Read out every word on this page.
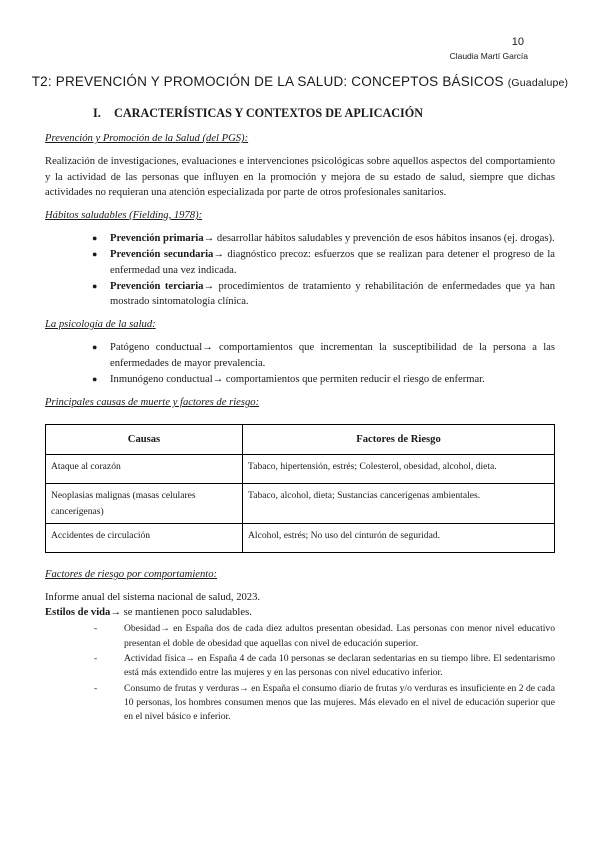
10
Claudia Martí García
T2: PREVENCIÓN Y PROMOCIÓN DE LA SALUD: CONCEPTOS BÁSICOS (Guadalupe)
I. CARACTERÍSTICAS Y CONTEXTOS DE APLICACIÓN
Prevención y Promoción de la Salud (del PGS):

Realización de investigaciones, evaluaciones e intervenciones psicológicas sobre aquellos aspectos del comportamiento y la actividad de las personas que influyen en la promoción y mejora de su estado de salud, siempre que dichas actividades no requieran una atención especializada por parte de otros profesionales sanitarios.

Hábitos saludables (Fielding, 1978):
● Prevención primaria→ desarrollar hábitos saludables y prevención de esos hábitos insanos (ej. drogas).
● Prevención secundaria→ diagnóstico precoz: esfuerzos que se realizan para detener el progreso de la enfermedad una vez indicada.
● Prevención terciaria→ procedimientos de tratamiento y rehabilitación de enfermedades que ya han mostrado sintomatología clínica.
La psicología de la salud:
● Patógeno conductual→ comportamientos que incrementan la susceptibilidad de la persona a las enfermedades de mayor prevalencia.
● Inmunógeno conductual→ comportamientos que permiten reducir el riesgo de enfermar.
Principales causas de muerte y factores de riesgo:
Causas	Factores de Riesgo
Ataque al corazón	Tabaco, hipertensión, estrés; Colesterol, obesidad, alcohol, dieta.
Neoplasias malignas (masas celulares cancerígenas)	Tabaco, alcohol, dieta; Sustancias cancerígenas ambientales.
Accidentes de circulación	Alcohol, estrés; No uso del cinturón de seguridad.
Factores de riesgo por comportamiento:

Informe anual del sistema nacional de salud, 2023.

Estilos de vida→ se mantienen poco saludables.

-	Obesidad→ en España dos de cada diez adultos presentan obesidad. Las personas con menor nivel educativo presentan el doble de obesidad que aquellas con nivel de educación superior.
-	Actividad física→ en España 4 de cada 10 personas se declaran sedentarias en su tiempo libre. El sedentarismo está más extendido entre las mujeres y en las personas con nivel educativo inferior.
-	Consumo de frutas y verduras→ en España el consumo diario de frutas y/o verduras es insuficiente en 2 de cada 10 personas, los hombres consumen menos que las mujeres. Más elevado en el nivel de educación superior que en el nivel básico e inferior.
